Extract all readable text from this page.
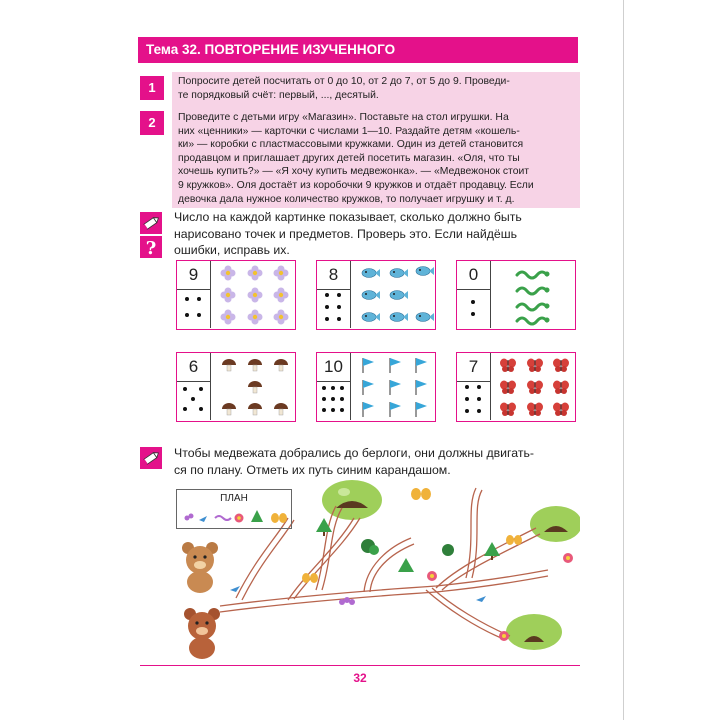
Тема 32. ПОВТОРЕНИЕ ИЗУЧЕННОГО
1	Попросите детей посчитать от 0 до 10, от 2 до 7, от 5 до 9. Проведи-
те порядковый счёт: первый, ..., десятый.
2	Проведите с детьми игру «Магазин». Поставьте на стол игрушки. На
них «ценники» — карточки с числами 1—10. Раздайте детям «кошель-
ки» — коробки с пластмассовыми кружками. Один из детей становится
продавцом и приглашает других детей посетить магазин. «Оля, что ты
хочешь купить?» — «Я хочу купить медвежонка». — «Медвежонок стоит
9 кружков». Оля достаёт из коробочки 9 кружков и отдаёт продавцу. Если
девочка дала нужное количество кружков, то получает игрушку и т. д.
?
Число на каждой картинке показывает, сколько должно быть
нарисовано точек и предметов. Проверь это. Если найдёшь
ошибки, исправь их.
9	8	0
6	10	7
Чтобы медвежата добрались до берлоги, они должны двигать-
ся по плану. Отметь их путь синим карандашом.
ПЛАН
32
